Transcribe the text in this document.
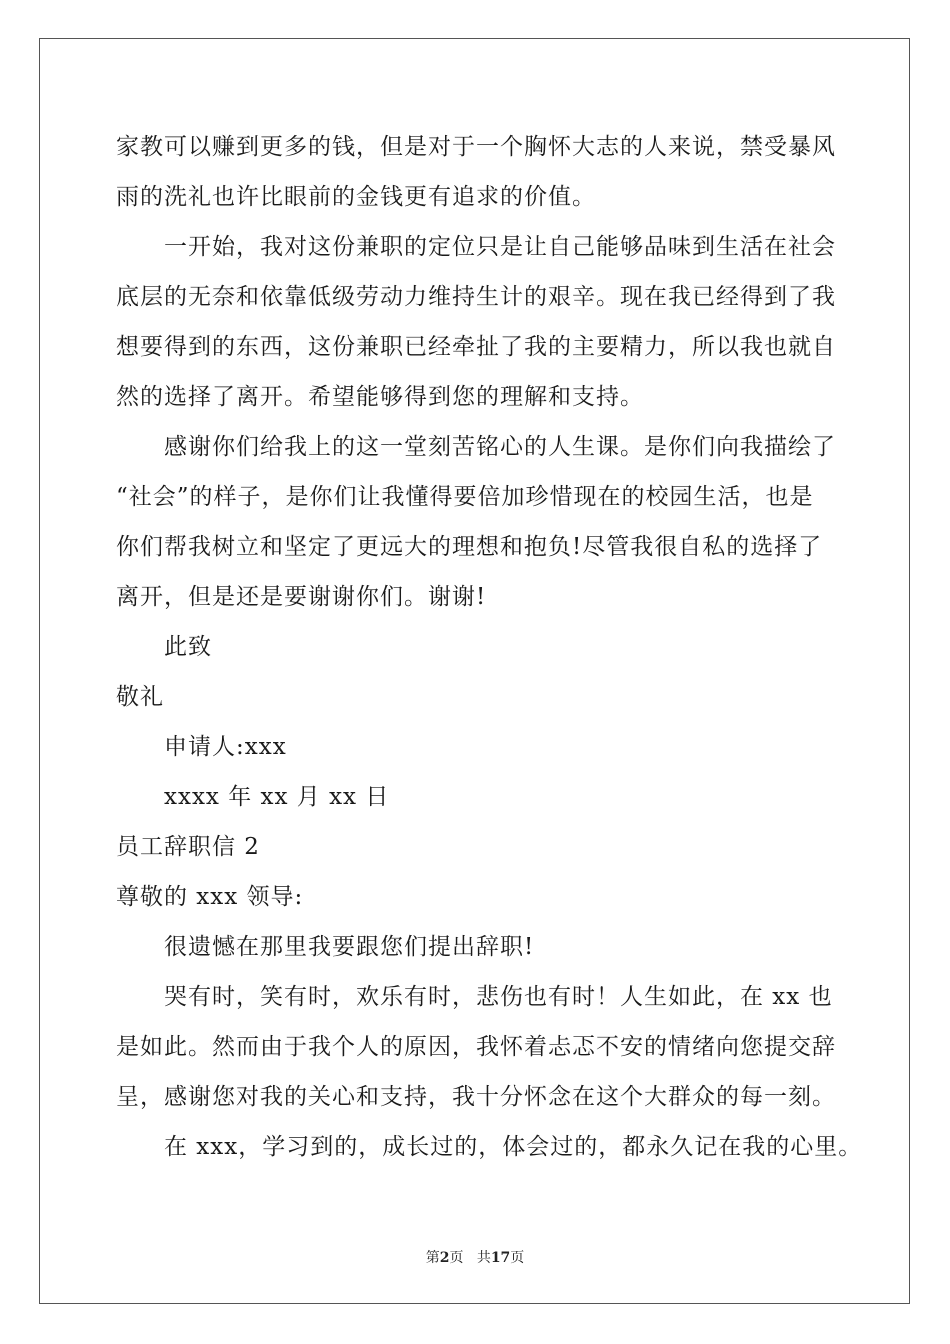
家教可以赚到更多的钱，但是对于一个胸怀大志的人来说，禁受暴风
雨的洗礼也许比眼前的金钱更有追求的价值。
一开始，我对这份兼职的定位只是让自己能够品味到生活在社会
底层的无奈和依靠低级劳动力维持生计的艰辛。现在我已经得到了我
想要得到的东西，这份兼职已经牵扯了我的主要精力，所以我也就自
然的选择了离开。希望能够得到您的理解和支持。
感谢你们给我上的这一堂刻苦铭心的人生课。是你们向我描绘了
“社会”的样子，是你们让我懂得要倍加珍惜现在的校园生活，也是
你们帮我树立和坚定了更远大的理想和抱负!尽管我很自私的选择了
离开，但是还是要谢谢你们。谢谢!
此致
敬礼
申请人:xxx
xxxx 年 xx 月 xx 日
员工辞职信 2
尊敬的 xxx 领导:
很遗憾在那里我要跟您们提出辞职!
哭有时，笑有时，欢乐有时，悲伤也有时！人生如此，在 xx 也
是如此。然而由于我个人的原因，我怀着忐忑不安的情绪向您提交辞
呈，感谢您对我的关心和支持，我十分怀念在这个大群众的每一刻。
在 xxx，学习到的，成长过的，体会过的，都永久记在我的心里。
第2页 共17页
